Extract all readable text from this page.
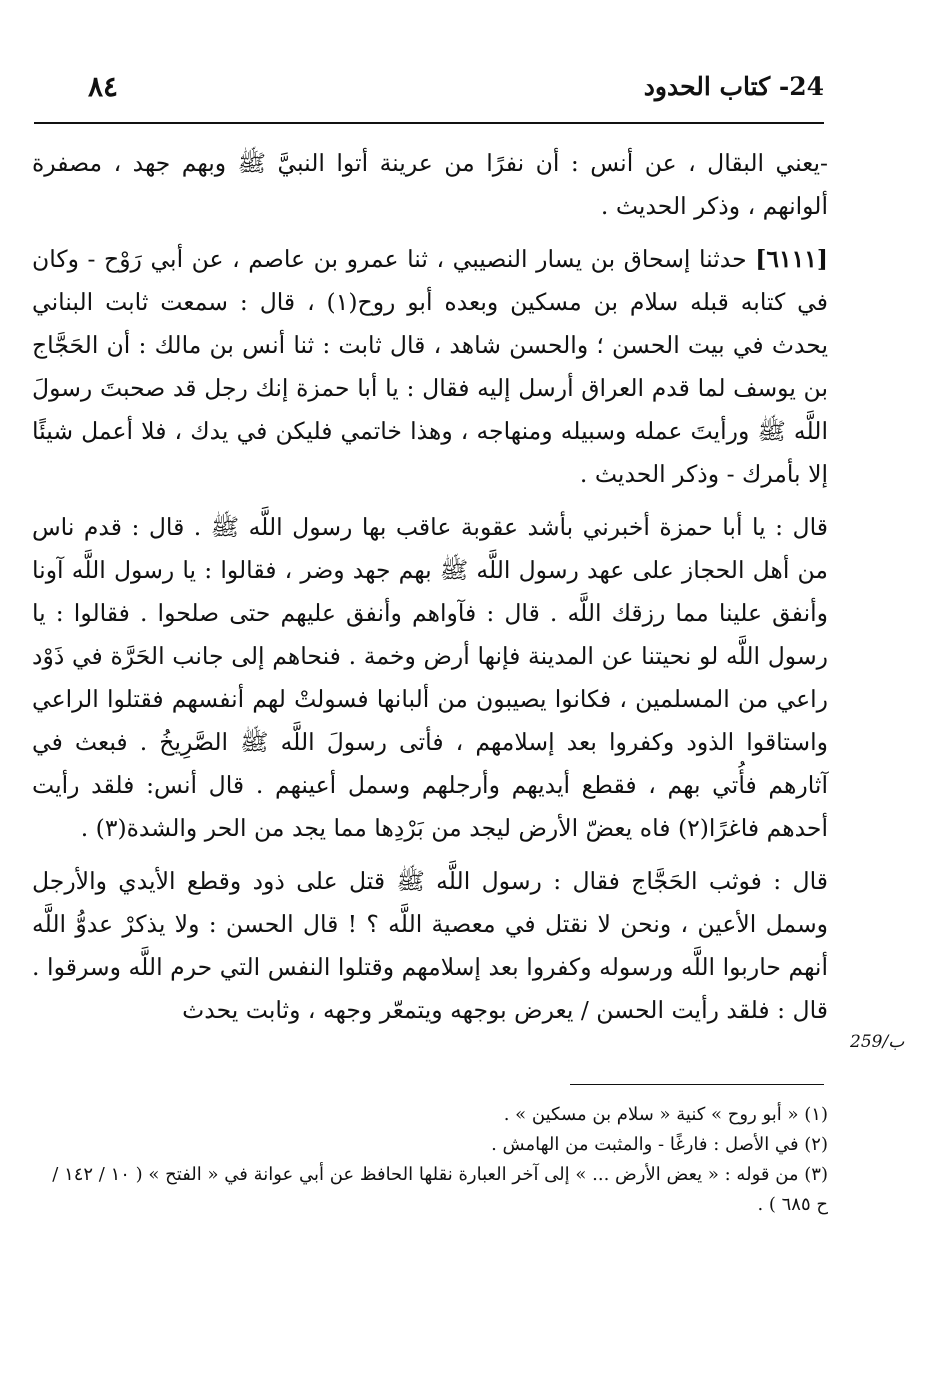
٨٤	24- كتاب الحدود

-يعني البقال ، عن أنس : أن نفرًا من عرينة أتوا النبيَّ ﷺ وبهم جهد ، مصفرة ألوانهم ، وذكر الحديث .

[٦١١١] حدثنا إسحاق بن يسار النصيبي ، ثنا عمرو بن عاصم ، عن أبي رَوْح - وكان في كتابه قبله سلام بن مسكين وبعده أبو روح(١) ، قال : سمعت ثابت البناني يحدث في بيت الحسن ؛ والحسن شاهد ، قال ثابت : ثنا أنس بن مالك : أن الحَجَّاج بن يوسف لما قدم العراق أرسل إليه فقال : يا أبا حمزة إنك رجل قد صحبتَ رسولَ اللَّه ﷺ ورأيتَ عمله وسبيله ومنهاجه ، وهذا خاتمي فليكن في يدك ، فلا أعمل شيئًا إلا بأمرك - وذكر الحديث .

قال : يا أبا حمزة أخبرني بأشد عقوبة عاقب بها رسول اللَّه ﷺ . قال : قدم ناس من أهل الحجاز على عهد رسول اللَّه ﷺ بهم جهد وضر ، فقالوا : يا رسول اللَّه آونا وأنفق علينا مما رزقك اللَّه . قال : فآواهم وأنفق عليهم حتى صلحوا . فقالوا : يا رسول اللَّه لو نحيتنا عن المدينة فإنها أرض وخمة . فنحاهم إلى جانب الحَرَّة في ذَوْد راعي من المسلمين ، فكانوا يصيبون من ألبانها فسولتْ لهم أنفسهم فقتلوا الراعي واستاقوا الذود وكفروا بعد إسلامهم ، فأتى رسولَ اللَّه ﷺ الصَّرِيخُ . فبعث في آثارهم فأُتي بهم ، فقطع أيديهم وأرجلهم وسمل أعينهم . قال أنس: فلقد رأيت أحدهم فاغرًا(٢) فاه يعضّ الأرض ليجد من بَرْدِها مما يجد من الحر والشدة(٣) .

قال : فوثب الحَجَّاج فقال : رسول اللَّه ﷺ قتل على ذود وقطع الأيدي والأرجل وسمل الأعين ، ونحن لا نقتل في معصية اللَّه ؟ ! قال الحسن : ولا يذكرْ عدوُّ اللَّه أنهم حاربوا اللَّه ورسوله وكفروا بعد إسلامهم وقتلوا النفس التي حرم اللَّه وسرقوا . قال : فلقد رأيت الحسن / يعرض بوجهه ويتمعّر وجهه ، وثابت يحدث

259/ب

(١) « أبو روح » كنية « سلام بن مسكين » .

(٢) في الأصل : فارغًا - والمثبت من الهامش .

(٣) من قوله : « يعض الأرض ... » إلى آخر العبارة نقلها الحافظ عن أبي عوانة في « الفتح » ( ١٠ / ١٤٢ /

ح ٦٨٥ ) .
